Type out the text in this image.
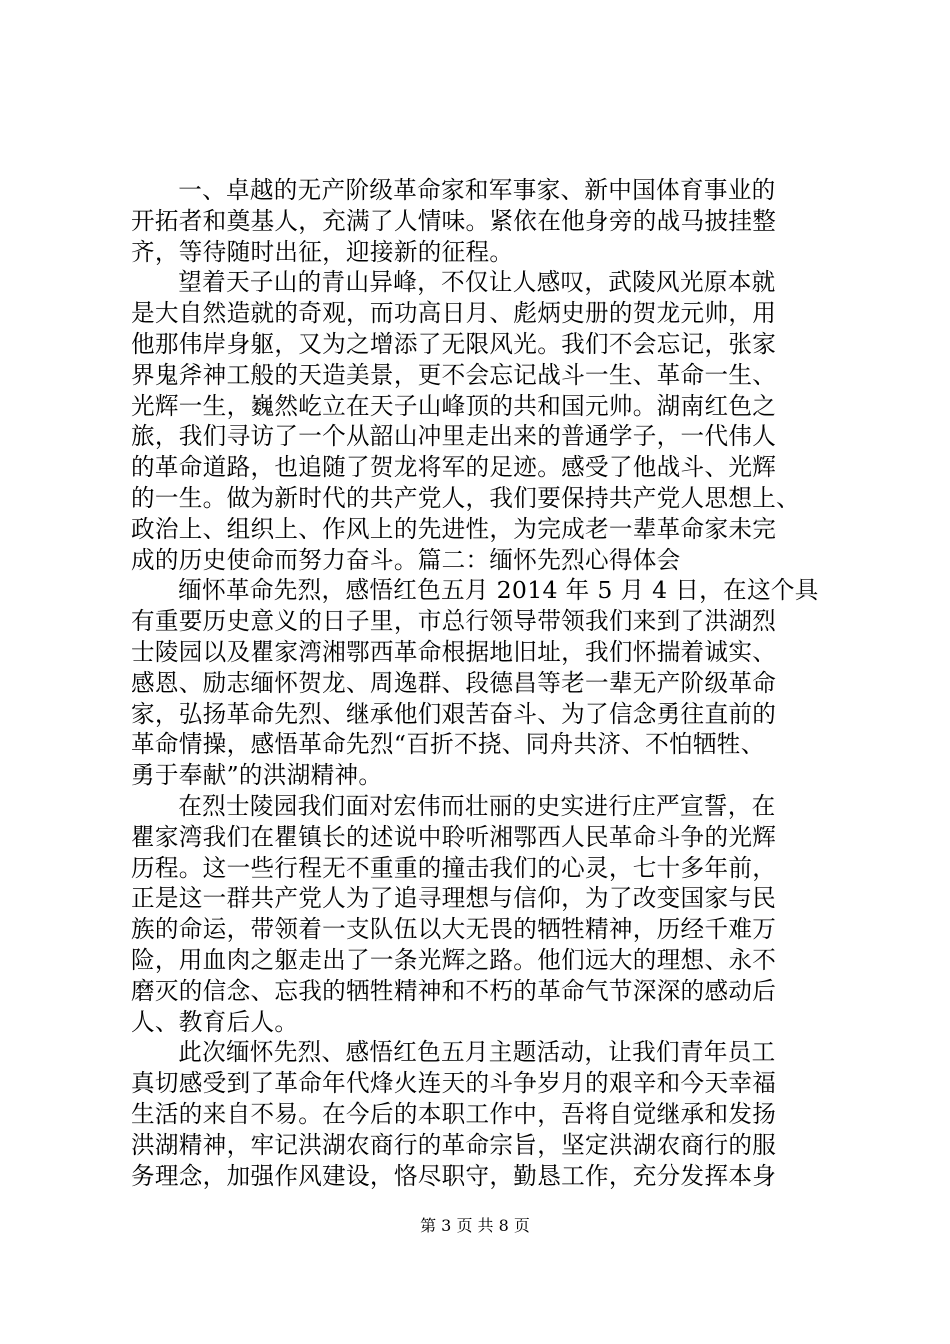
一、卓越的无产阶级革命家和军事家、新中国体育事业的
开拓者和奠基人，充满了人情味。紧依在他身旁的战马披挂整
齐，等待随时出征，迎接新的征程。

望着天子山的青山异峰，不仅让人感叹，武陵风光原本就
是大自然造就的奇观，而功高日月、彪炳史册的贺龙元帅，用
他那伟岸身躯，又为之增添了无限风光。我们不会忘记，张家
界鬼斧神工般的天造美景，更不会忘记战斗一生、革命一生、
光辉一生，巍然屹立在天子山峰顶的共和国元帅。湖南红色之
旅，我们寻访了一个从韶山冲里走出来的普通学子，一代伟人
的革命道路，也追随了贺龙将军的足迹。感受了他战斗、光辉
的一生。做为新时代的共产党人，我们要保持共产党人思想上、
政治上、组织上、作风上的先进性，为完成老一辈革命家未完
成的历史使命而努力奋斗。篇二：缅怀先烈心得体会

缅怀革命先烈，感悟红色五月 2014 年 5 月 4 日，在这个具
有重要历史意义的日子里，市总行领导带领我们来到了洪湖烈
士陵园以及瞿家湾湘鄂西革命根据地旧址，我们怀揣着诚实、
感恩、励志缅怀贺龙、周逸群、段德昌等老一辈无产阶级革命
家，弘扬革命先烈、继承他们艰苦奋斗、为了信念勇往直前的
革命情操，感悟革命先烈“百折不挠、同舟共济、不怕牺牲、
勇于奉献”的洪湖精神。

在烈士陵园我们面对宏伟而壮丽的史实进行庄严宣誓，在
瞿家湾我们在瞿镇长的述说中聆听湘鄂西人民革命斗争的光辉
历程。这一些行程无不重重的撞击我们的心灵，七十多年前，
正是这一群共产党人为了追寻理想与信仰，为了改变国家与民
族的命运，带领着一支队伍以大无畏的牺牲精神，历经千难万
险，用血肉之躯走出了一条光辉之路。他们远大的理想、永不
磨灭的信念、忘我的牺牲精神和不朽的革命气节深深的感动后
人、教育后人。

此次缅怀先烈、感悟红色五月主题活动，让我们青年员工
真切感受到了革命年代烽火连天的斗争岁月的艰辛和今天幸福
生活的来自不易。在今后的本职工作中，吾将自觉继承和发扬
洪湖精神，牢记洪湖农商行的革命宗旨，坚定洪湖农商行的服
务理念，加强作风建设，恪尽职守，勤恳工作，充分发挥本身

第 3 页 共 8 页
